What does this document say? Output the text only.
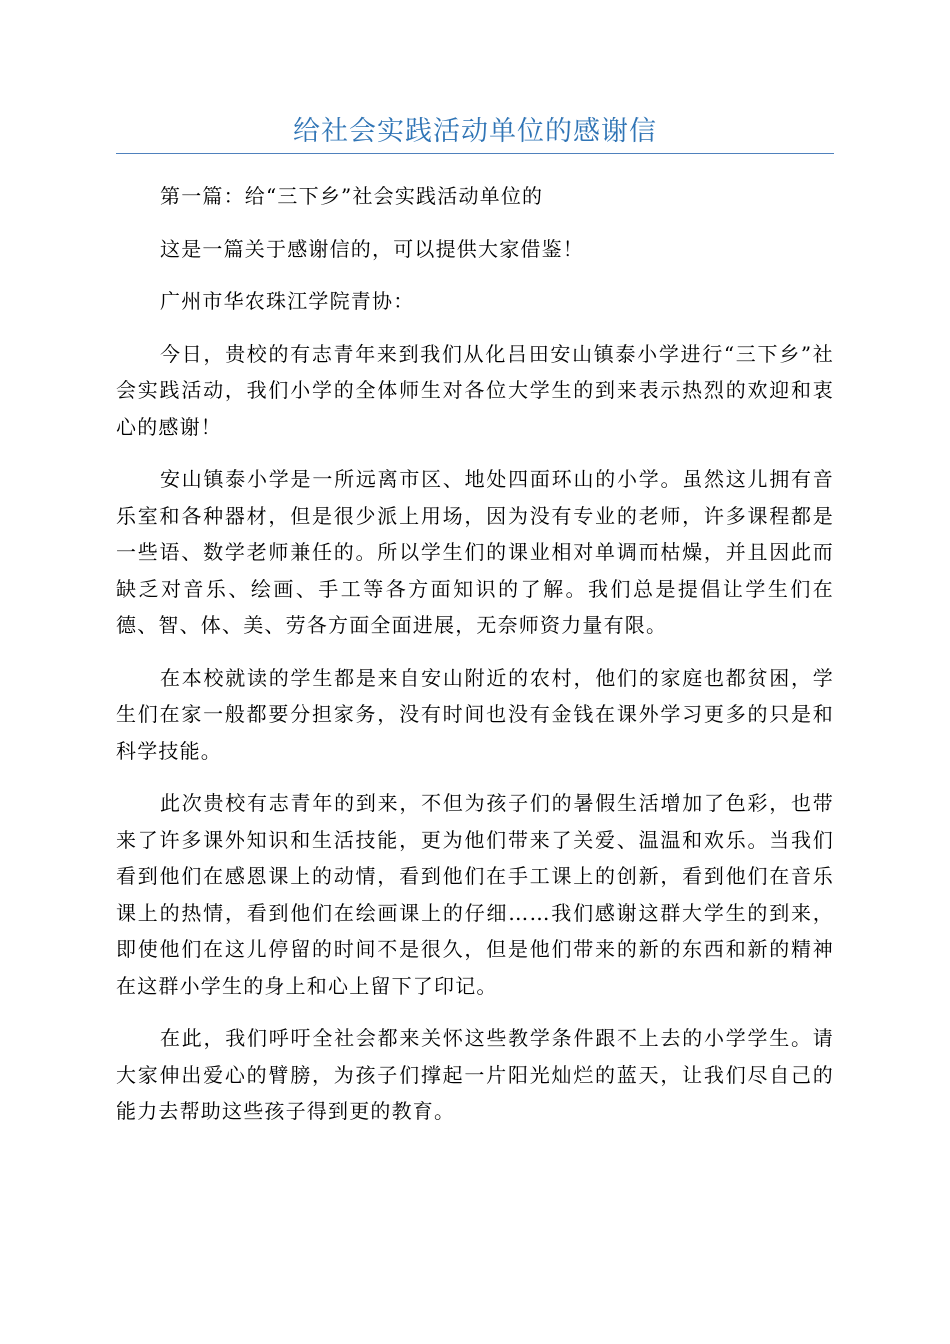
给社会实践活动单位的感谢信

第一篇：给“三下乡”社会实践活动单位的

这是一篇关于感谢信的，可以提供大家借鉴！

广州市华农珠江学院青协：

今日，贵校的有志青年来到我们从化吕田安山镇泰小学进行“三下乡”社会实践活动，我们小学的全体师生对各位大学生的到来表示热烈的欢迎和衷心的感谢！

安山镇泰小学是一所远离市区、地处四面环山的小学。虽然这儿拥有音乐室和各种器材，但是很少派上用场，因为没有专业的老师，许多课程都是一些语、数学老师兼任的。所以学生们的课业相对单调而枯燥，并且因此而缺乏对音乐、绘画、手工等各方面知识的了解。我们总是提倡让学生们在德、智、体、美、劳各方面全面进展，无奈师资力量有限。

在本校就读的学生都是来自安山附近的农村，他们的家庭也都贫困，学生们在家一般都要分担家务，没有时间也没有金钱在课外学习更多的只是和科学技能。

此次贵校有志青年的到来，不但为孩子们的暑假生活增加了色彩，也带来了许多课外知识和生活技能，更为他们带来了关爱、温温和欢乐。当我们看到他们在感恩课上的动情，看到他们在手工课上的创新，看到他们在音乐课上的热情，看到他们在绘画课上的仔细……我们感谢这群大学生的到来，即使他们在这儿停留的时间不是很久，但是他们带来的新的东西和新的精神在这群小学生的身上和心上留下了印记。

在此，我们呼吁全社会都来关怀这些教学条件跟不上去的小学学生。请大家伸出爱心的臂膀，为孩子们撑起一片阳光灿烂的蓝天，让我们尽自己的能力去帮助这些孩子得到更的教育。
